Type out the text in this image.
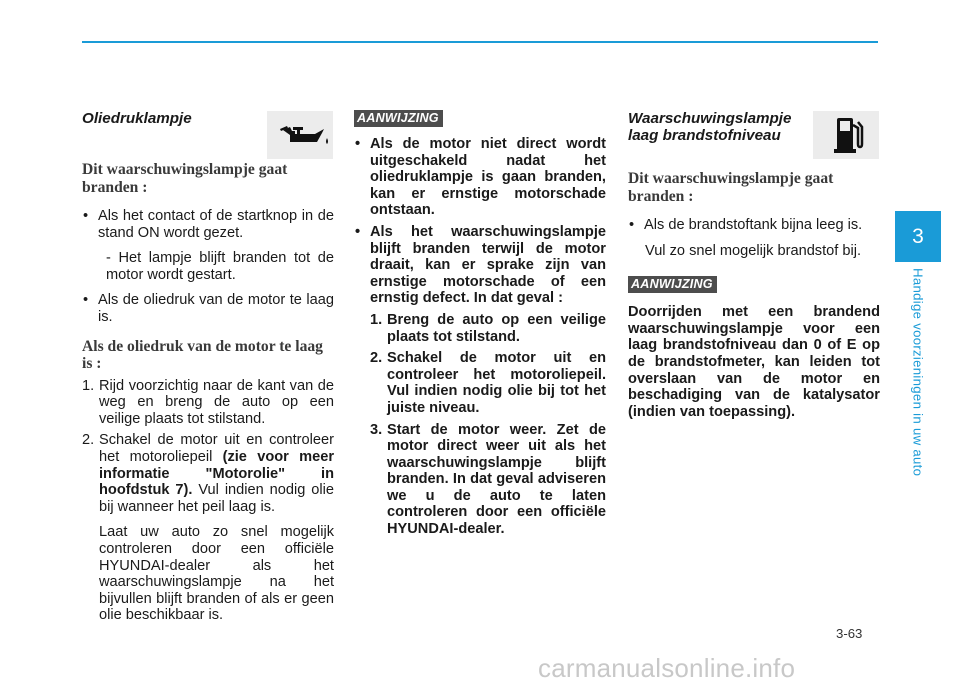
Oliedruklampje

Dit waarschuwingslampje gaat branden :

• Als het contact of de startknop in de stand ON wordt gezet.

- Het lampje blijft branden tot de motor wordt gestart.

• Als de oliedruk van de motor te laag is.

Als de oliedruk van de motor te laag is :

1. Rijd voorzichtig naar de kant van de weg en breng de auto op een veilige plaats tot stilstand.

2. Schakel de motor uit en controleer het motoroliepeil (zie voor meer informatie "Motorolie" in hoofdstuk 7). Vul indien nodig olie bij wanneer het peil laag is.

Laat uw auto zo snel mogelijk controleren door een officiële HYUNDAI-dealer als het waarschuwingslampje na het bijvullen blijft branden of als er geen olie beschikbaar is.

AANWIJZING

• Als de motor niet direct wordt uitgeschakeld nadat het oliedruklampje is gaan branden, kan er ernstige motorschade ontstaan.

• Als het waarschuwingslampje blijft branden terwijl de motor draait, kan er sprake zijn van ernstige motorschade of een ernstig defect. In dat geval :

1. Breng de auto op een veilige plaats tot stilstand.

2. Schakel de motor uit en controleer het motoroliepeil. Vul indien nodig olie bij tot het juiste niveau.

3. Start de motor weer. Zet de motor direct weer uit als het waarschuwingslampje blijft branden. In dat geval adviseren we u de auto te laten controleren door een officiële HYUNDAI-dealer.

Waarschuwingslampje

laag brandstofniveau

Dit waarschuwingslampje gaat branden :

• Als de brandstoftank bijna leeg is.

Vul zo snel mogelijk brandstof bij.

AANWIJZING

Doorrijden met een brandend waarschuwingslampje voor een laag brandstofniveau dan 0 of E op de brandstofmeter, kan leiden tot overslaan van de motor en beschadiging van de katalysator (indien van toepassing).

3
Handige voorzieningen in uw auto
3-63
carmanualsonline.info
